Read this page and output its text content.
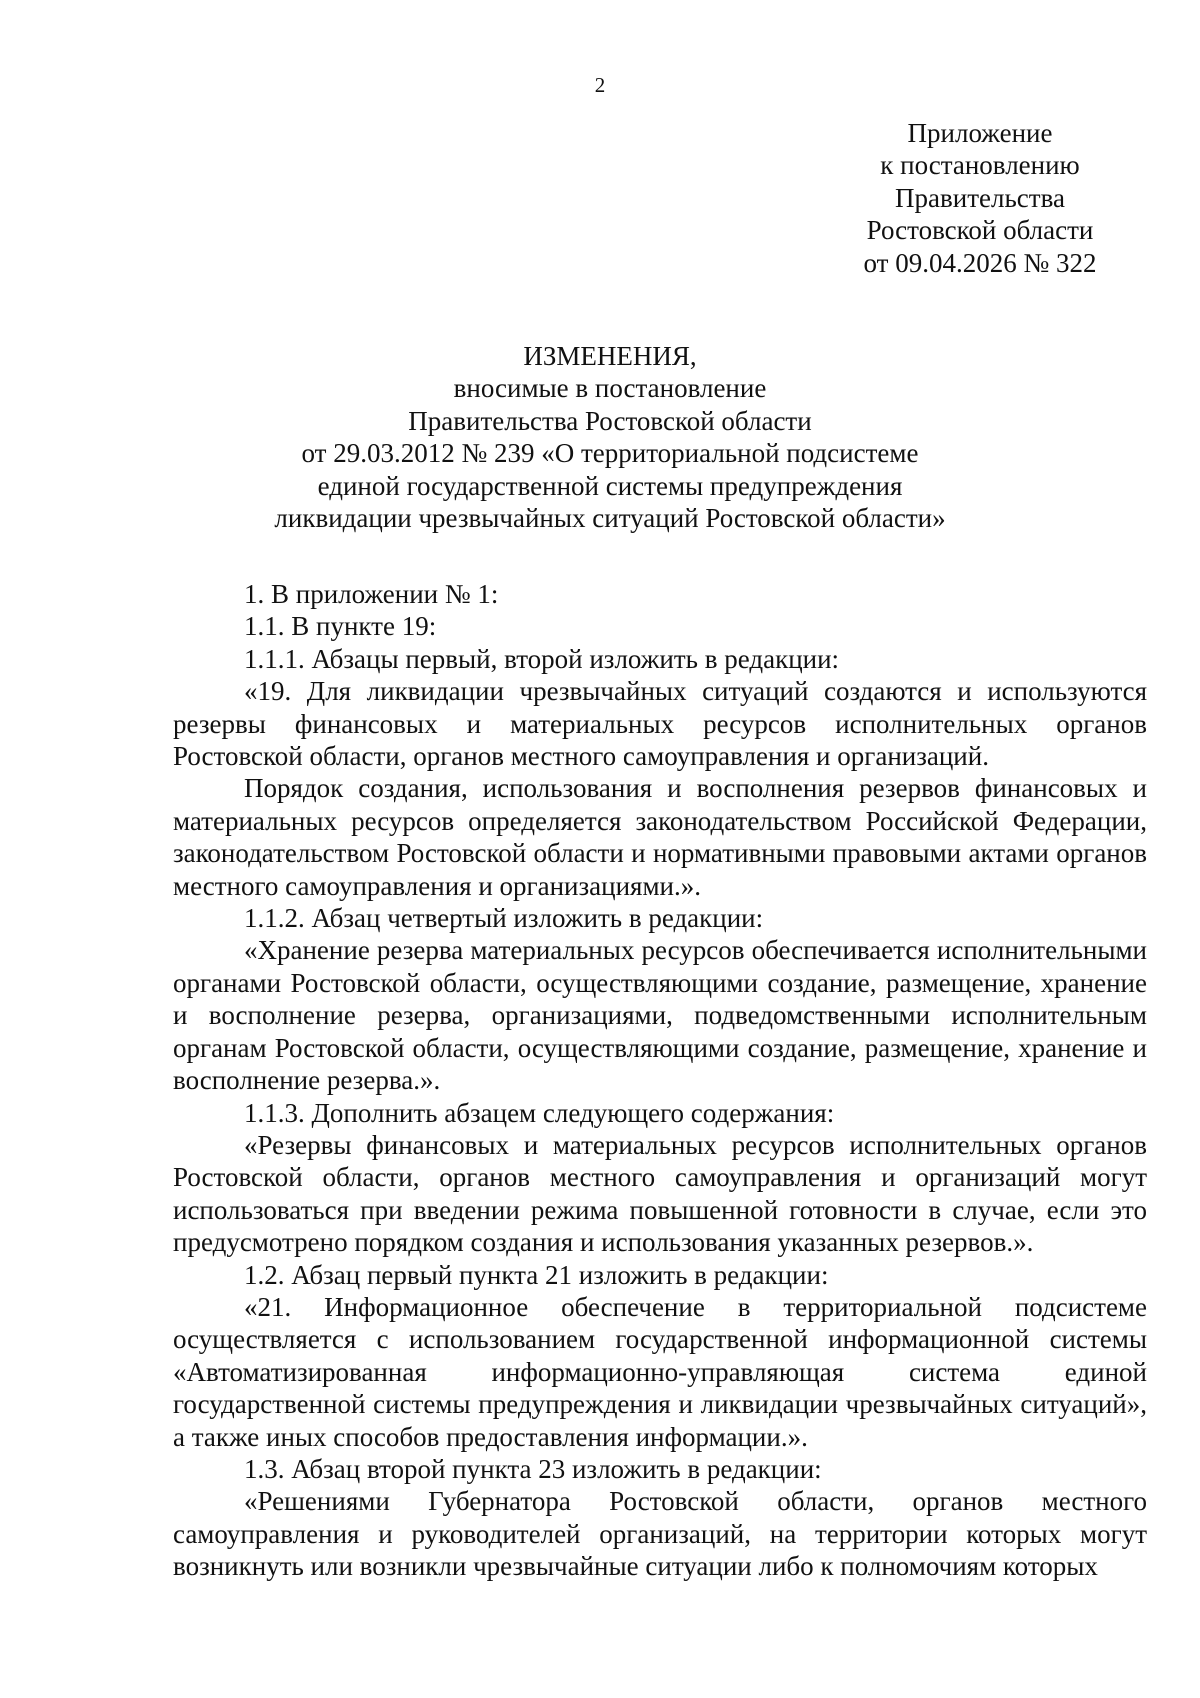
2
Приложение
к постановлению
Правительства
Ростовской области
от 09.04.2026 № 322
ИЗМЕНЕНИЯ,
вносимые в постановление
Правительства Ростовской области
от 29.03.2012 № 239 «О территориальной подсистеме
единой государственной системы предупреждения
ликвидации чрезвычайных ситуаций Ростовской области»

1. В приложении № 1:

1.1. В пункте 19:

1.1.1. Абзацы первый, второй изложить в редакции:

«19. Для ликвидации чрезвычайных ситуаций создаются и используются резервы финансовых и материальных ресурсов исполнительных органов Ростовской области, органов местного самоуправления и организаций.

Порядок создания, использования и восполнения резервов финансовых и материальных ресурсов определяется законодательством Российской Федерации, законодательством Ростовской области и нормативными правовыми актами органов местного самоуправления и организациями.».

1.1.2. Абзац четвертый изложить в редакции:

«Хранение резерва материальных ресурсов обеспечивается исполнительными органами Ростовской области, осуществляющими создание, размещение, хранение и восполнение резерва, организациями, подведомственными исполнительным органам Ростовской области, осуществляющими создание, размещение, хранение и восполнение резерва.».

1.1.3. Дополнить абзацем следующего содержания:

«Резервы финансовых и материальных ресурсов исполнительных органов Ростовской области, органов местного самоуправления и организаций могут использоваться при введении режима повышенной готовности в случае, если это предусмотрено порядком создания и использования указанных резервов.».

1.2. Абзац первый пункта 21 изложить в редакции:

«21. Информационное обеспечение в территориальной подсистеме осуществляется с использованием государственной информационной системы «Автоматизированная информационно-управляющая система единой государственной системы предупреждения и ликвидации чрезвычайных ситуаций», а также иных способов предоставления информации.».

1.3. Абзац второй пункта 23 изложить в редакции:

«Решениями Губернатора Ростовской области, органов местного самоуправления и руководителей организаций, на территории которых могут возникнуть или возникли чрезвычайные ситуации либо к полномочиям которых
